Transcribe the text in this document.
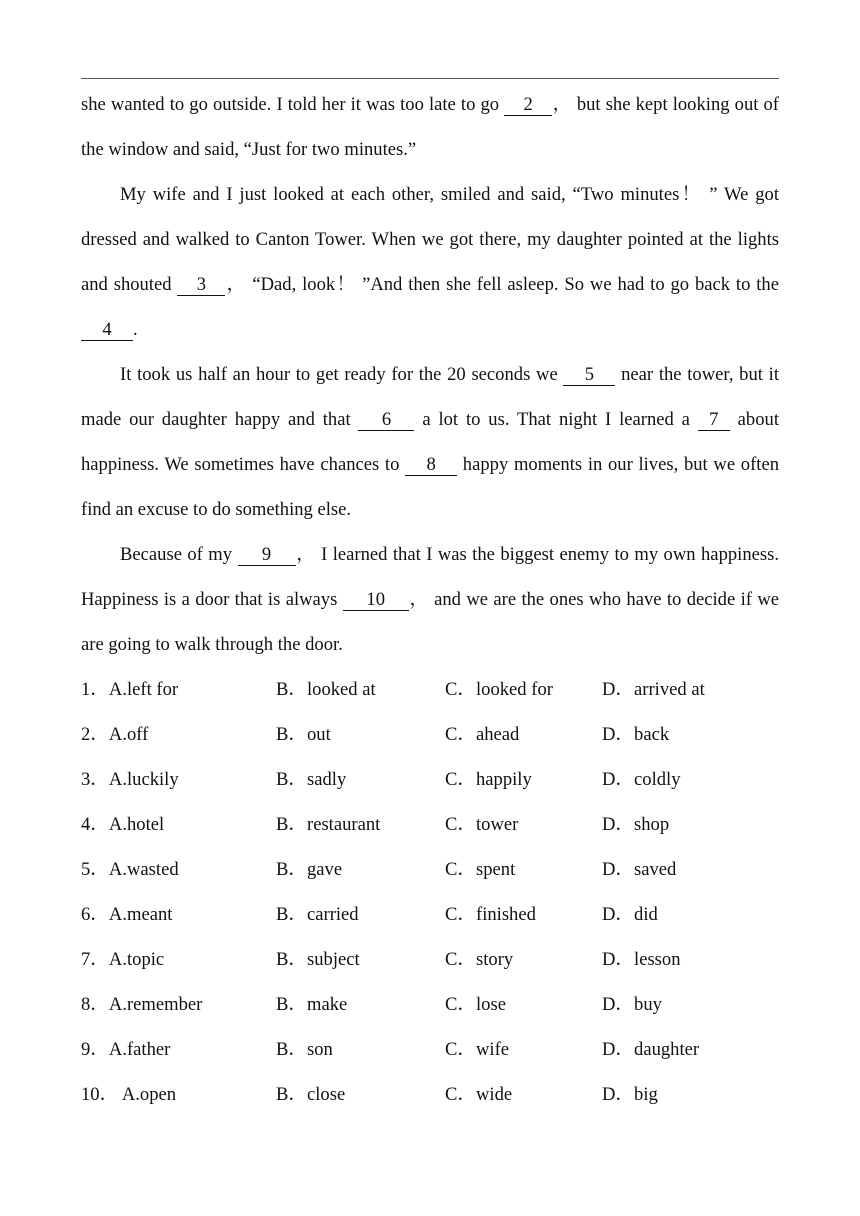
she wanted to go outside. I told her it was too late to go 2 ， but she kept looking out of the window and said, “Just for two minutes.”

My wife and I just looked at each other, smiled and said, “Two minutes！ ” We got dressed and walked to Canton Tower. When we got there, my daughter pointed at the lights and shouted 3 ， “Dad, look！ ”And then she fell asleep. So we had to go back to the 4 .

It took us half an hour to get ready for the 20 seconds we 5 near the tower, but it made our daughter happy and that 6 a lot to us. That night I learned a 7 about happiness. We sometimes have chances to 8 happy moments in our lives, but we often find an excuse to do something else.

Because of my 9 ， I learned that I was the biggest enemy to my own happiness. Happiness is a door that is always 10 ， and we are the ones who have to decide if we are going to walk through the door.

1．A.left for	B．looked at	C．looked for	D．arrived at
2．A.off	B．out	C．ahead	D．back
3．A.luckily	B．sadly	C．happily	D．coldly
4．A.hotel	B．restaurant	C．tower	D．shop
5．A.wasted	B．gave	C．spent	D．saved
6．A.meant	B．carried	C．finished	D．did
7．A.topic	B．subject	C．story	D．lesson
8．A.remember	B．make	C．lose	D．buy
9．A.father	B．son	C．wife	D．daughter
10． A.open	B．close	C．wide	D．big
